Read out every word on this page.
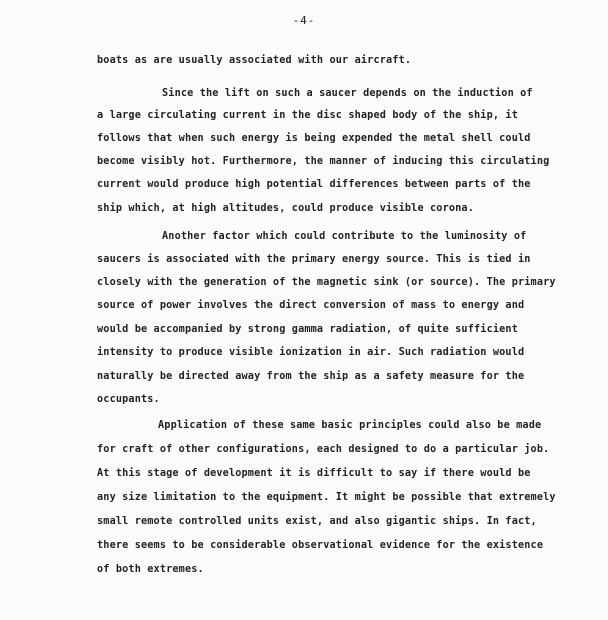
-4-
boats as are usually associated with our aircraft.
Since the lift on such a saucer depends on the induction of
a large circulating current in the disc shaped body of the ship, it
follows that when such energy is being expended the metal shell could
become visibly hot. Furthermore, the manner of inducing this circulating
current would produce high potential differences between parts of the
ship which, at high altitudes, could produce visible corona.
Another factor which could contribute to the luminosity of
saucers is associated with the primary energy source. This is tied in
closely with the generation of the magnetic sink (or source). The primary
source of power involves the direct conversion of mass to energy and
would be accompanied by strong gamma radiation, of quite sufficient
intensity to produce visible ionization in air. Such radiation would
naturally be directed away from the ship as a safety measure for the
occupants.
Application of these same basic principles could also be made
for craft of other configurations, each designed to do a particular job.
At this stage of development it is difficult to say if there would be
any size limitation to the equipment. It might be possible that extremely
small remote controlled units exist, and also gigantic ships. In fact,
there seems to be considerable observational evidence for the existence
of both extremes.
